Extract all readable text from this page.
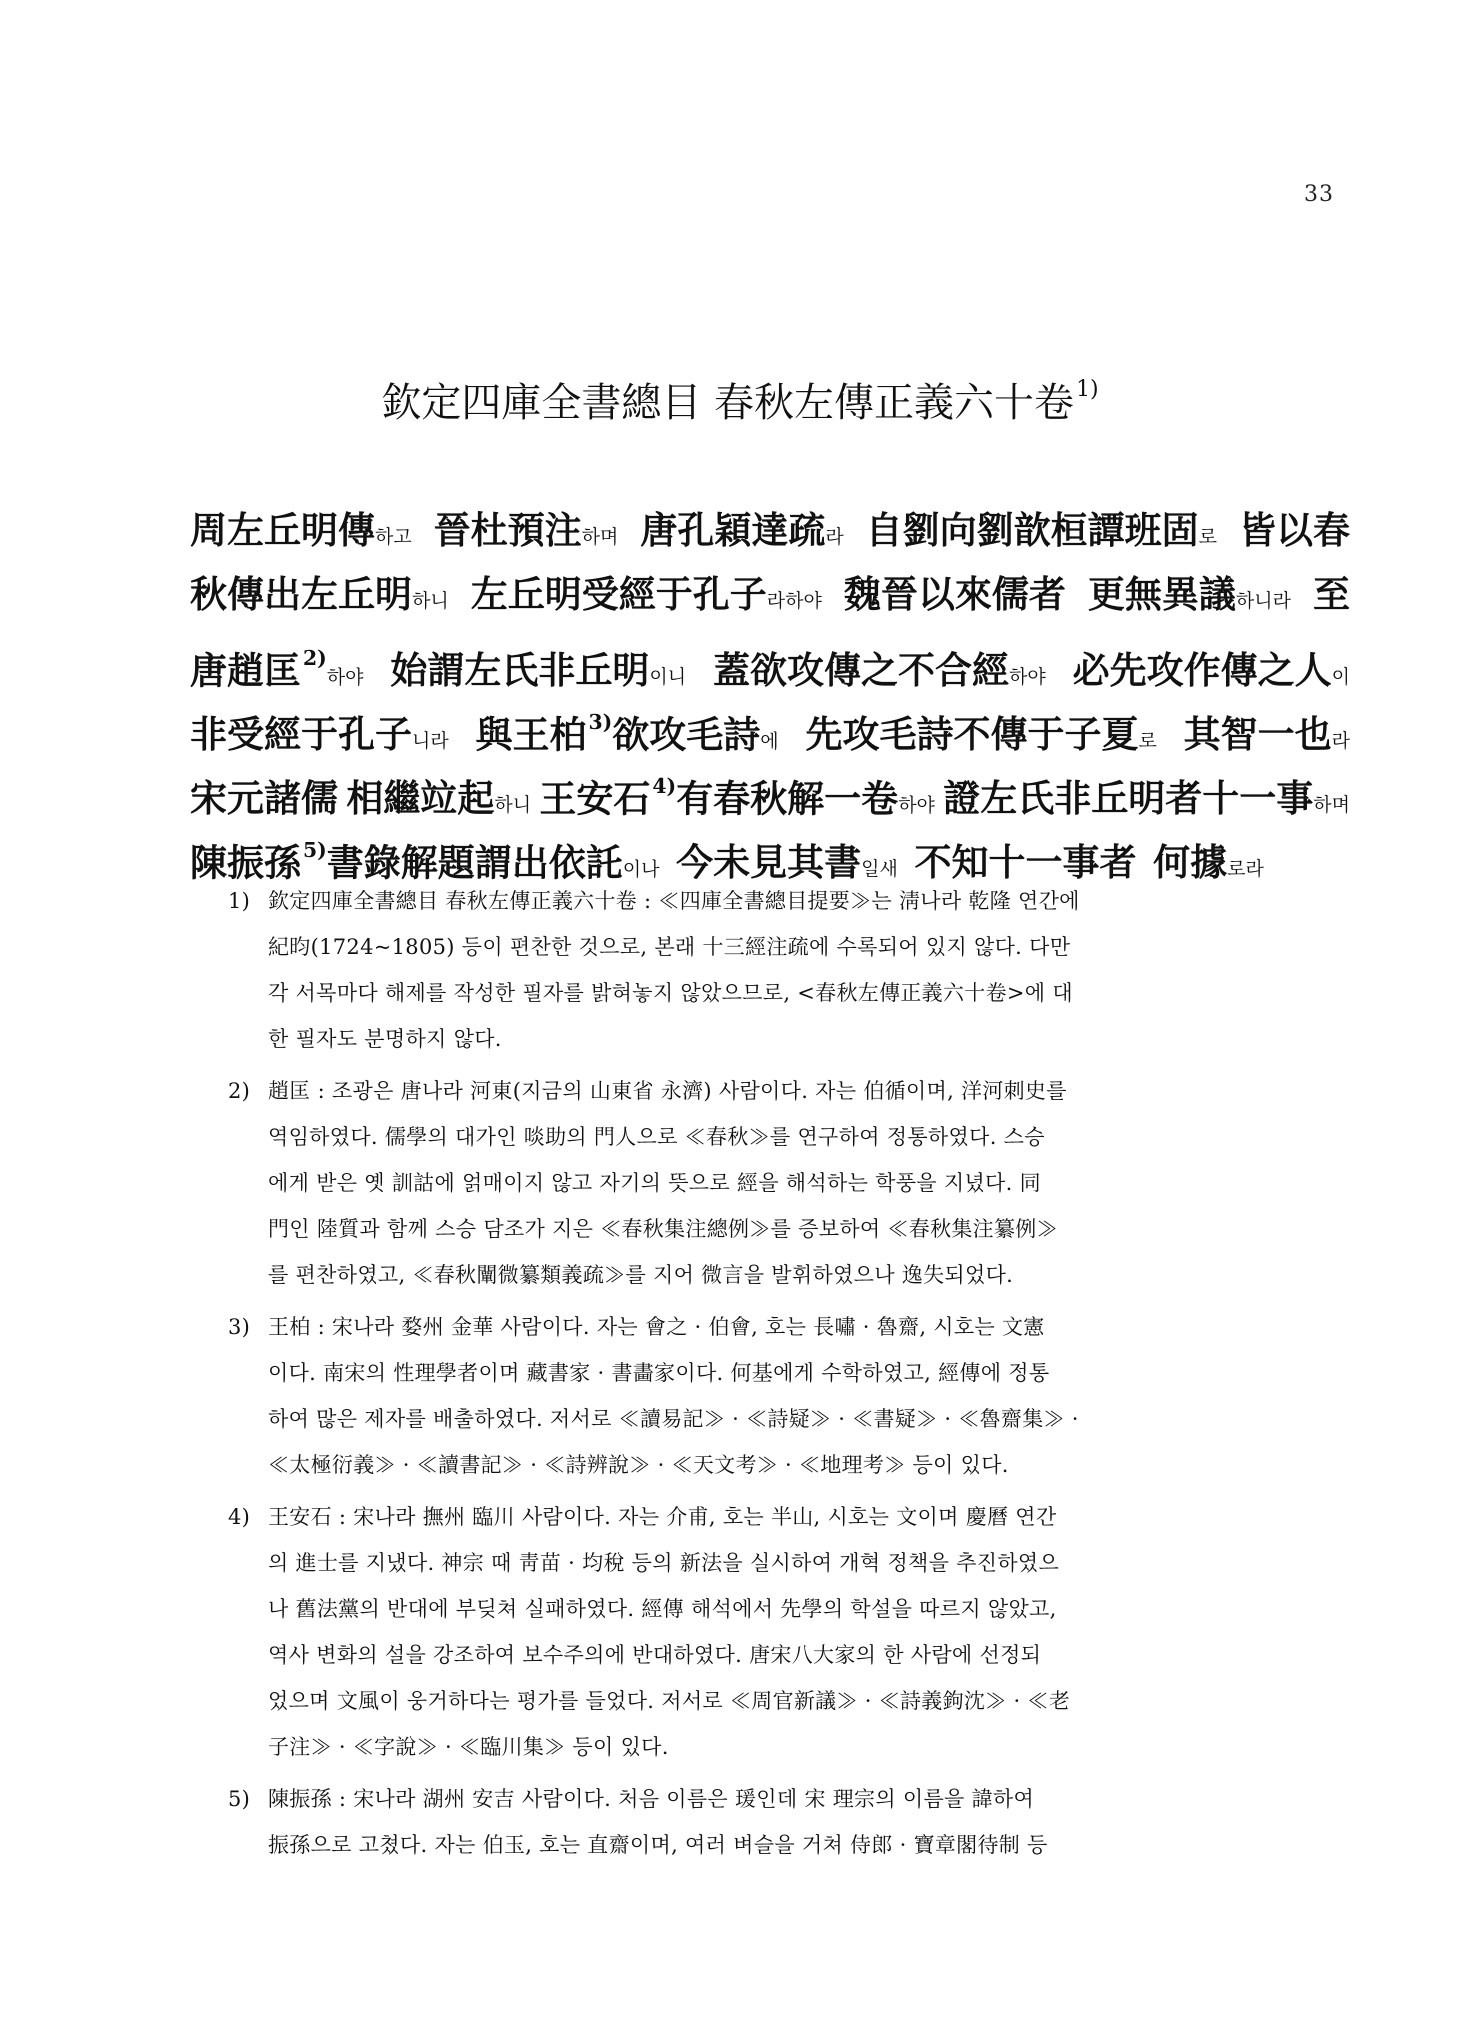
33
欽定四庫全書總目 春秋左傳正義六十卷$^{1)}$
周左丘明傳하고 晉杜預注하며 唐孔穎達疏라 自劉向劉歆桓譚班固로 皆以春
秋傳出左丘明하니 左丘明受經于孔子라하야 魏晉以來儒者 更無異議하니라 至
唐趙匡$^{2)}$하야 始謂左氏非丘明이니 蓋欲攻傳之不合經하야 必先攻作傳之人이
非受經于孔子니라 與王柏$^{3)}$欲攻毛詩에 先攻毛詩不傳于子夏로 其智一也라
宋元諸儒 相繼竝起하니 王安石$^{4)}$有春秋解一卷하야 證左氏非丘明者十一事하며
陳振孫$^{5)}$書錄解題謂出依託이나 今未見其書일새 不知十一事者 何據로라
1) 欽定四庫全書總目 春秋左傳正義六十卷 : ≪四庫全書總目提要≫는 淸나라 乾隆 연간에
紀昀(1724~1805) 등이 편찬한 것으로, 본래 十三經注疏에 수록되어 있지 않다. 다만
각 서목마다 해제를 작성한 필자를 밝혀놓지 않았으므로, <春秋左傳正義六十卷>에 대
한 필자도 분명하지 않다.
2) 趙匡 : 조광은 唐나라 河東(지금의 山東省 永濟) 사람이다. 자는 伯循이며, 洋河刺史를
역임하였다. 儒學의 대가인 啖助의 門人으로 ≪春秋≫를 연구하여 정통하였다. 스승
에게 받은 옛 訓詁에 얽매이지 않고 자기의 뜻으로 經을 해석하는 학풍을 지녔다. 同
門인 陸質과 함께 스승 담조가 지은 ≪春秋集注總例≫를 증보하여 ≪春秋集注纂例≫
를 편찬하였고, ≪春秋闡微纂類義疏≫를 지어 微言을 발휘하였으나 逸失되었다.
3) 王柏 : 宋나라 婺州 金華 사람이다. 자는 會之 · 伯會, 호는 長嘯 · 魯齋, 시호는 文憲
이다. 南宋의 性理學者이며 藏書家 · 書畵家이다. 何基에게 수학하였고, 經傳에 정통
하여 많은 제자를 배출하였다. 저서로 ≪讀易記≫ · ≪詩疑≫ · ≪書疑≫ · ≪魯齋集≫ ·
≪太極衍義≫ · ≪讀書記≫ · ≪詩辨說≫ · ≪天文考≫ · ≪地理考≫ 등이 있다.
4) 王安石 : 宋나라 撫州 臨川 사람이다. 자는 介甫, 호는 半山, 시호는 文이며 慶曆 연간
의 進士를 지냈다. 神宗 때 靑苗 · 均稅 등의 新法을 실시하여 개혁 정책을 추진하였으
나 舊法黨의 반대에 부딪쳐 실패하였다. 經傳 해석에서 先學의 학설을 따르지 않았고,
역사 변화의 설을 강조하여 보수주의에 반대하였다. 唐宋八大家의 한 사람에 선정되
었으며 文風이 웅거하다는 평가를 들었다. 저서로 ≪周官新議≫ · ≪詩義鉤沈≫ · ≪老
子注≫ · ≪字說≫ · ≪臨川集≫ 등이 있다.
5) 陳振孫 : 宋나라 湖州 安吉 사람이다. 처음 이름은 瑗인데 宋 理宗의 이름을 諱하여
振孫으로 고쳤다. 자는 伯玉, 호는 直齋이며, 여러 벼슬을 거쳐 侍郎 · 寶章閣待制 등
